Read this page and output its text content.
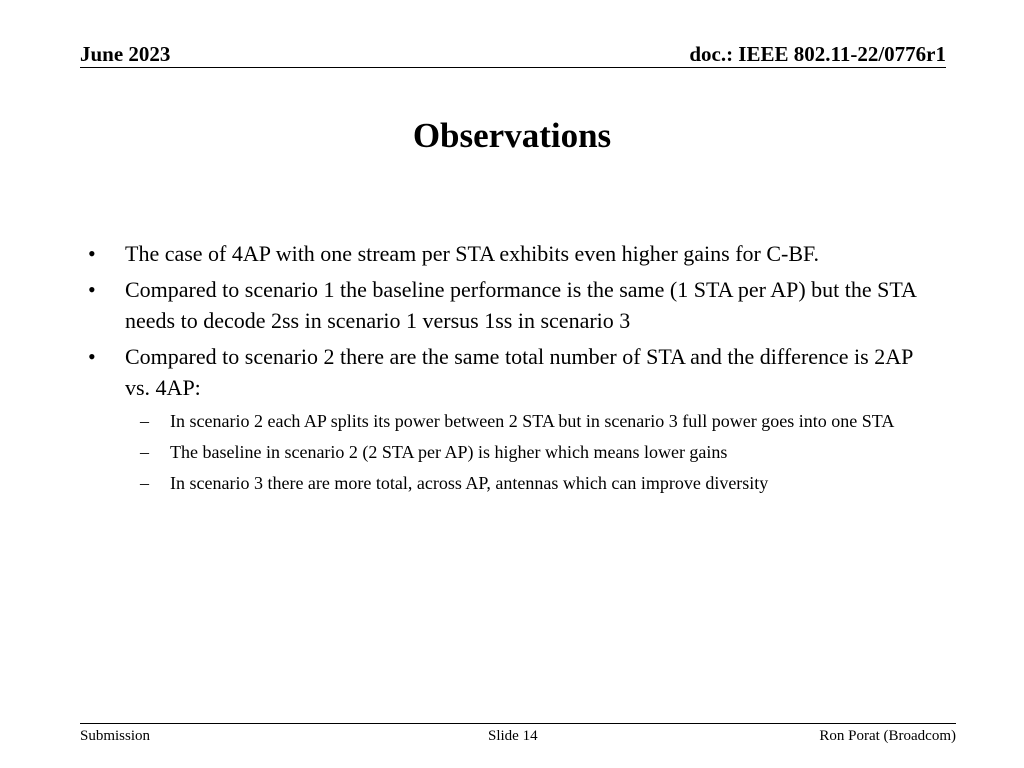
June 2023	doc.: IEEE 802.11-22/0776r1
Observations
• The case of 4AP with one stream per STA exhibits even higher gains for C-BF.
• Compared to scenario 1 the baseline performance is the same (1 STA per AP) but the STA needs to decode 2ss in scenario 1 versus 1ss in scenario 3
• Compared to scenario 2 there are the same total number of STA and the difference is 2AP vs. 4AP:
– In scenario 2 each AP splits its power between 2 STA but in scenario 3 full power goes into one STA
– The baseline in scenario 2 (2 STA per AP) is higher which means lower gains
– In scenario 3 there are more total, across AP, antennas which can improve diversity
Submission	Slide 14	Ron Porat (Broadcom)
